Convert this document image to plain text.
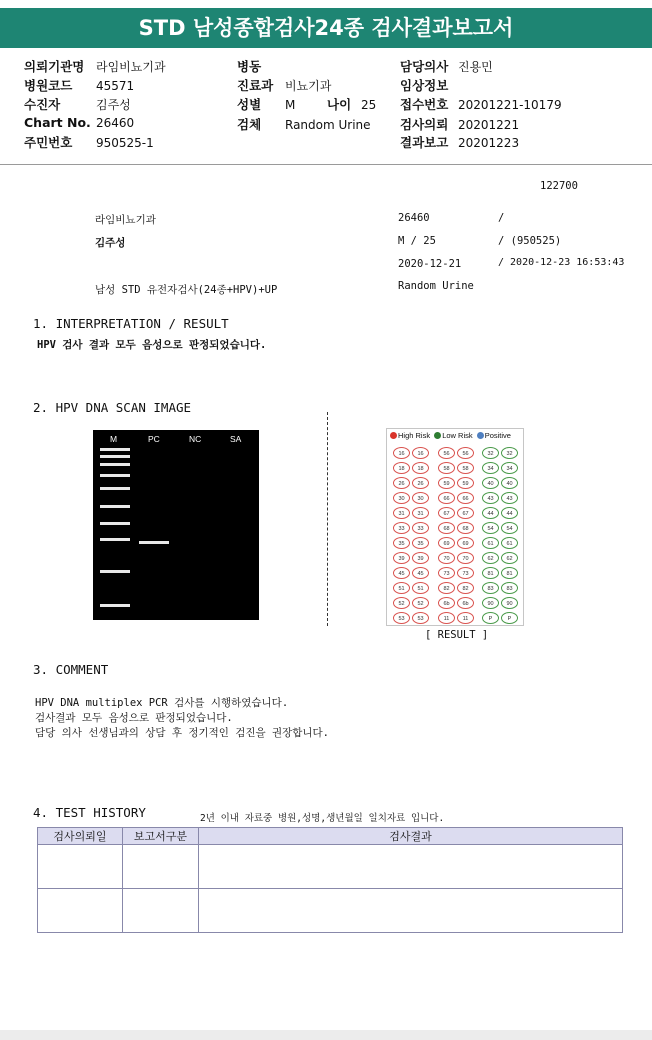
STD 남성종합검사24종 검사결과보고서
의뢰기관명 라임비뇨기과	병동	담당의사 진용민
병원코드 45571	진료과 비뇨기과	임상정보
수진자	김주성	성별 M	나이 25 접수번호 20201221-10179
Chart No. 26460	검체 Random Urine 검사의뢰 20201221
주민번호 950525-1	결과보고 20201223
122700
라임비뇨기과	26460	/
김주성	M / 25	/ (950525)
2020-12-21	/ 2020-12-23 16:53:43
남성 STD 유전자검사(24종+HPV)+UP	Random Urine
1. INTERPRETATION / RESULT
HPV 검사 결과 모두 음성으로 판정되었습니다.
2. HPV DNA SCAN IMAGE
M	PC	NC	SA	High Risk Low Risk Positive
16	16	56	56	32	32
18	18	58	58	34	34
26	26	59	59	40	40
30	30	66	66	43	43
31	31	67	67	44	44
33	33	68	68	54	54
35	35	69	69	61	61
39	39	70	70	62	62
45	45	73	73	81	81
51	51	82	82	83	83
52	52	6b	6b	90	90
53	53	11	11	P	P
[ RESULT ]
3. COMMENT
HPV DNA multiplex PCR 검사를 시행하였습니다.
검사결과 모두 음성으로 판정되었습니다.
담당 의사 선생님과의 상담 후 정기적인 검진을 권장합니다.
4. TEST HISTORY	2년 이내 자료중 병원,성명,생년월일 일치자료 입니다.
검사의뢰일	보고서구분	검사결과
